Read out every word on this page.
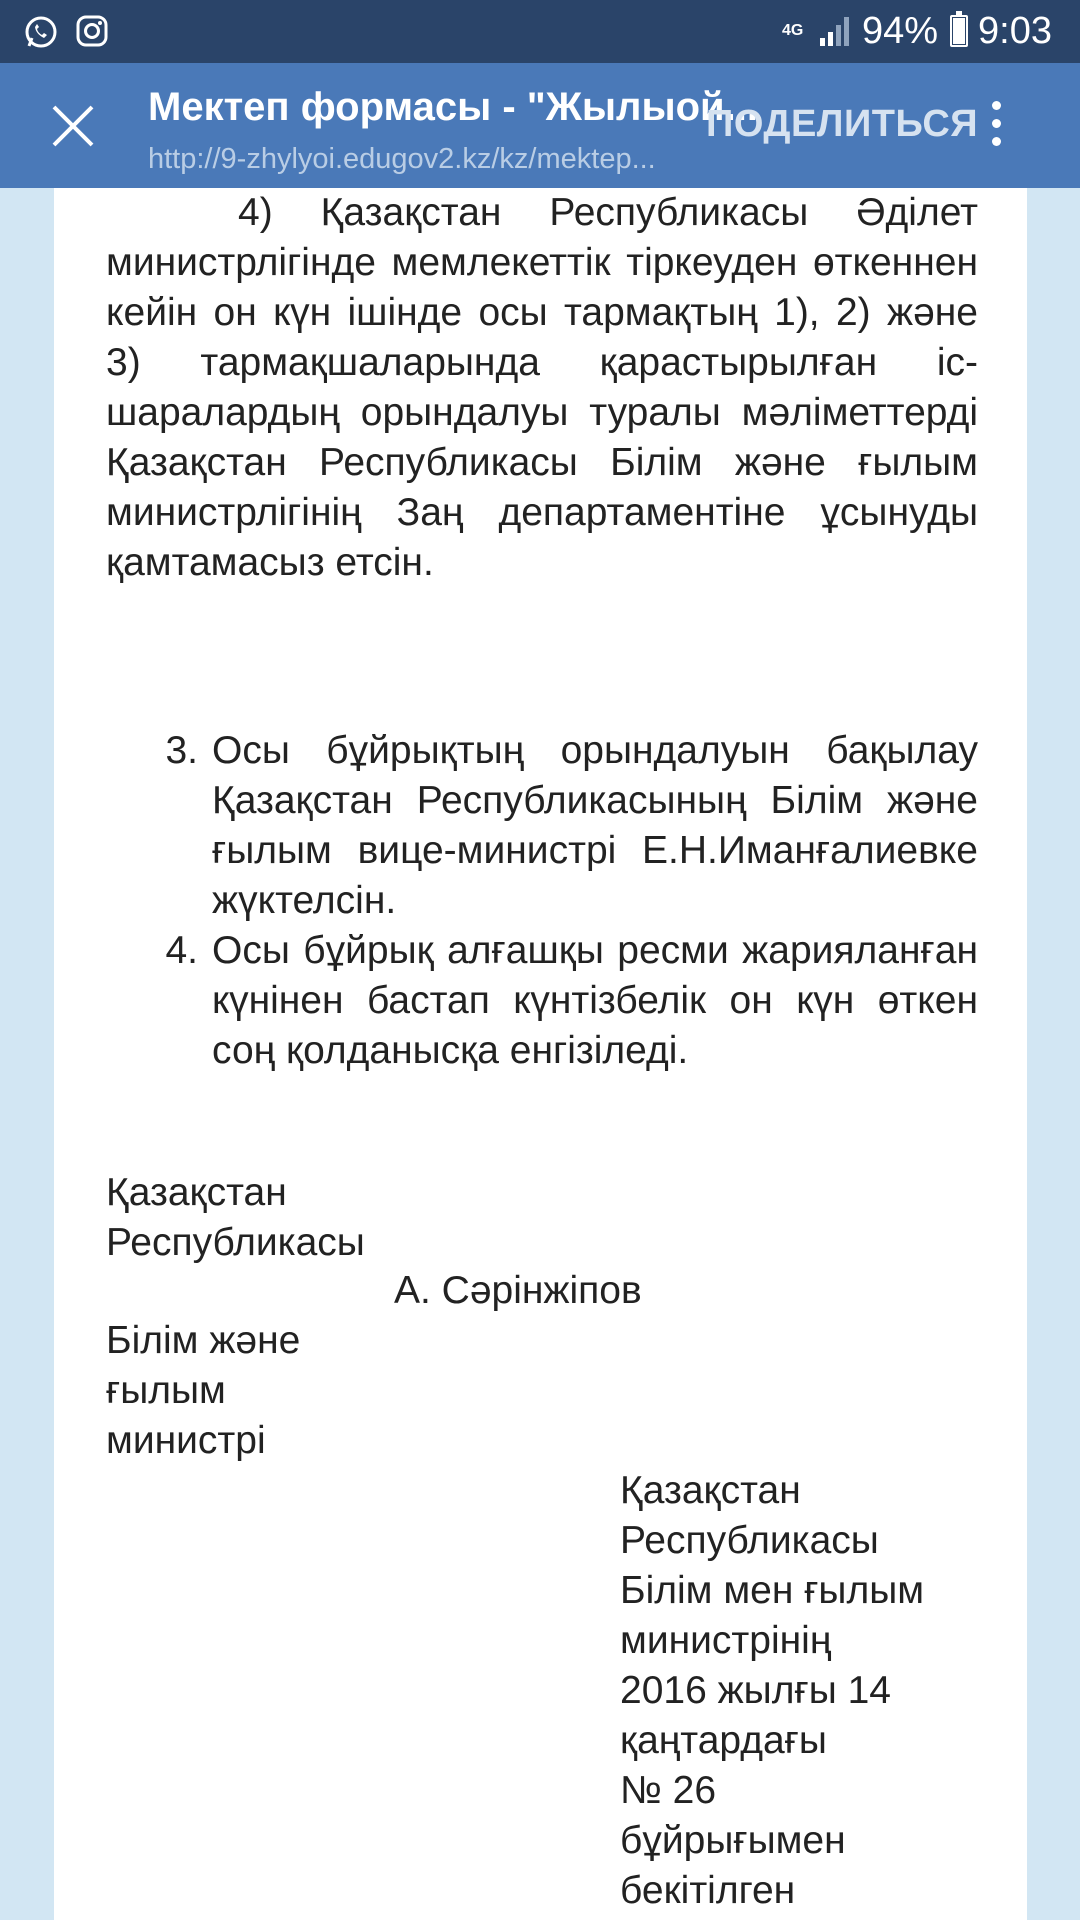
4G 94% 9:03
Мектеп формасы - "Жылыой...
http://9-zhylyoi.edugov2.kz/kz/mektep...
ПОДЕЛИТЬСЯ
4) Қазақстан Республикасы Әділет министрлігінде мемлекеттік тіркеуден өткеннен кейін он күн ішінде осы тармақтың 1), 2) және 3) тармақшаларында қарастырылған іс-шаралардың орындалуы туралы мәліметтерді Қазақстан Республикасы Білім және ғылым министрлігінің Заң департаментіне ұсынуды қамтамасыз етсін.
3. Осы бұйрықтың орындалуын бақылау Қазақстан Республикасының Білім және ғылым вице-министрі Е.Н.Иманғалиевке жүктелсін.
4. Осы бұйрық алғашқы ресми жарияланған күнінен бастап күнтізбелік он күн өткен соң қолданысқа енгізіледі.
Қазақстан Республикасы
Білім және ғылым министрі
А. Сәрінжіпов
Қазақстан
Республикасы
Білім мен ғылым
министрінің
2016 жылғы 14
қаңтардағы
№ 26
бұйрығымен
бекітілген
